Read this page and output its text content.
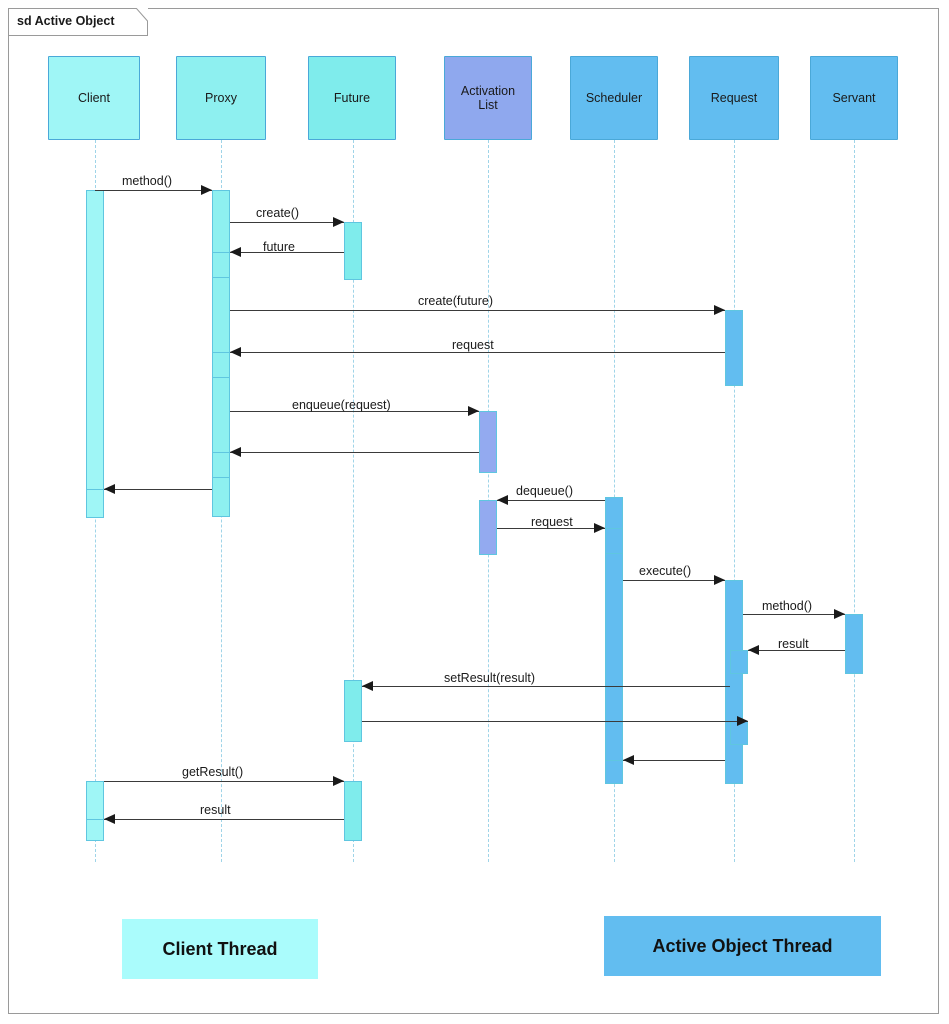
sd Active Object
Client	Proxy	Future
Activation
List
Scheduler	Request	Servant
method()
create()
future
create(future)
request
enqueue(request)
dequeue()
request
execute()
method()
result
setResult(result)
getResult()
result
Client Thread	Active Object Thread
